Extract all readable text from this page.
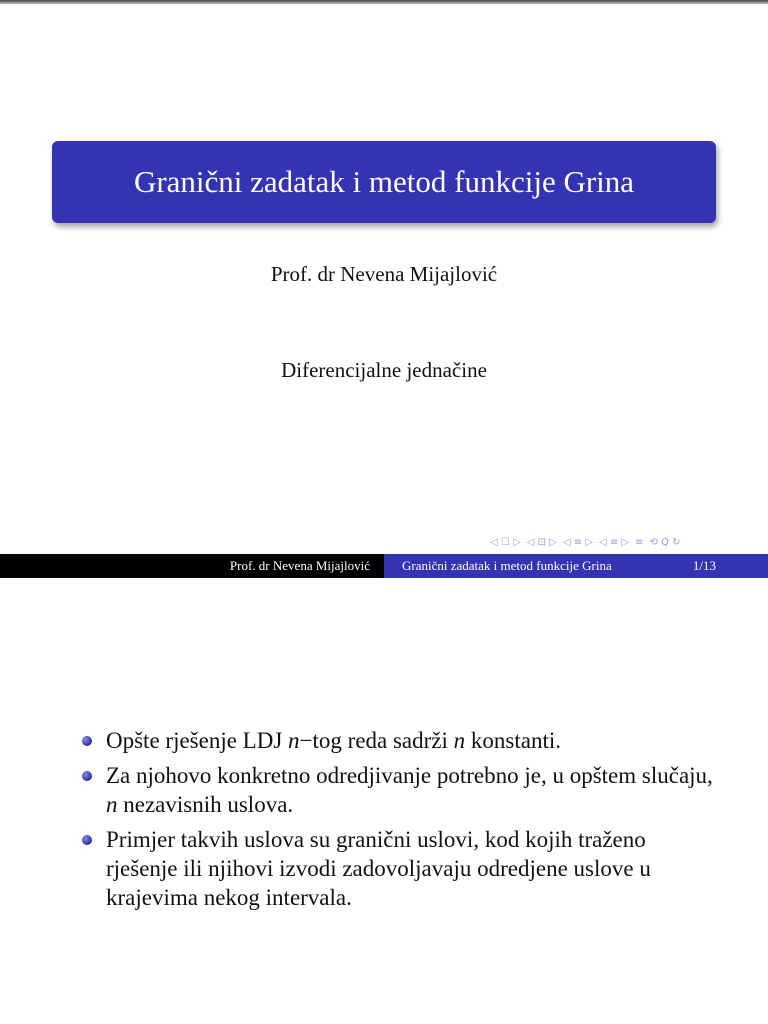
Granični zadatak i metod funkcije Grina
Prof. dr Nevena Mijajlović
Diferencijalne jednačine
◁ ☐ ▷ ◁ ⊡ ▷ ◁ ≡ ▷ ◁ ≡ ▷ ≡ ⟲ Q ↻
Prof. dr Nevena Mijajlović Granični zadatak i metod funkcije Grina	1/13
Opšte rješenje LDJ n−tog reda sadrži n konstanti.
Za njohovo konkretno odredjivanje potrebno je, u opštem slučaju, n nezavisnih uslova.
Primjer takvih uslova su granični uslovi, kod kojih traženo rješenje ili njihovi izvodi zadovoljavaju odredjene uslove u krajevima nekog intervala.
